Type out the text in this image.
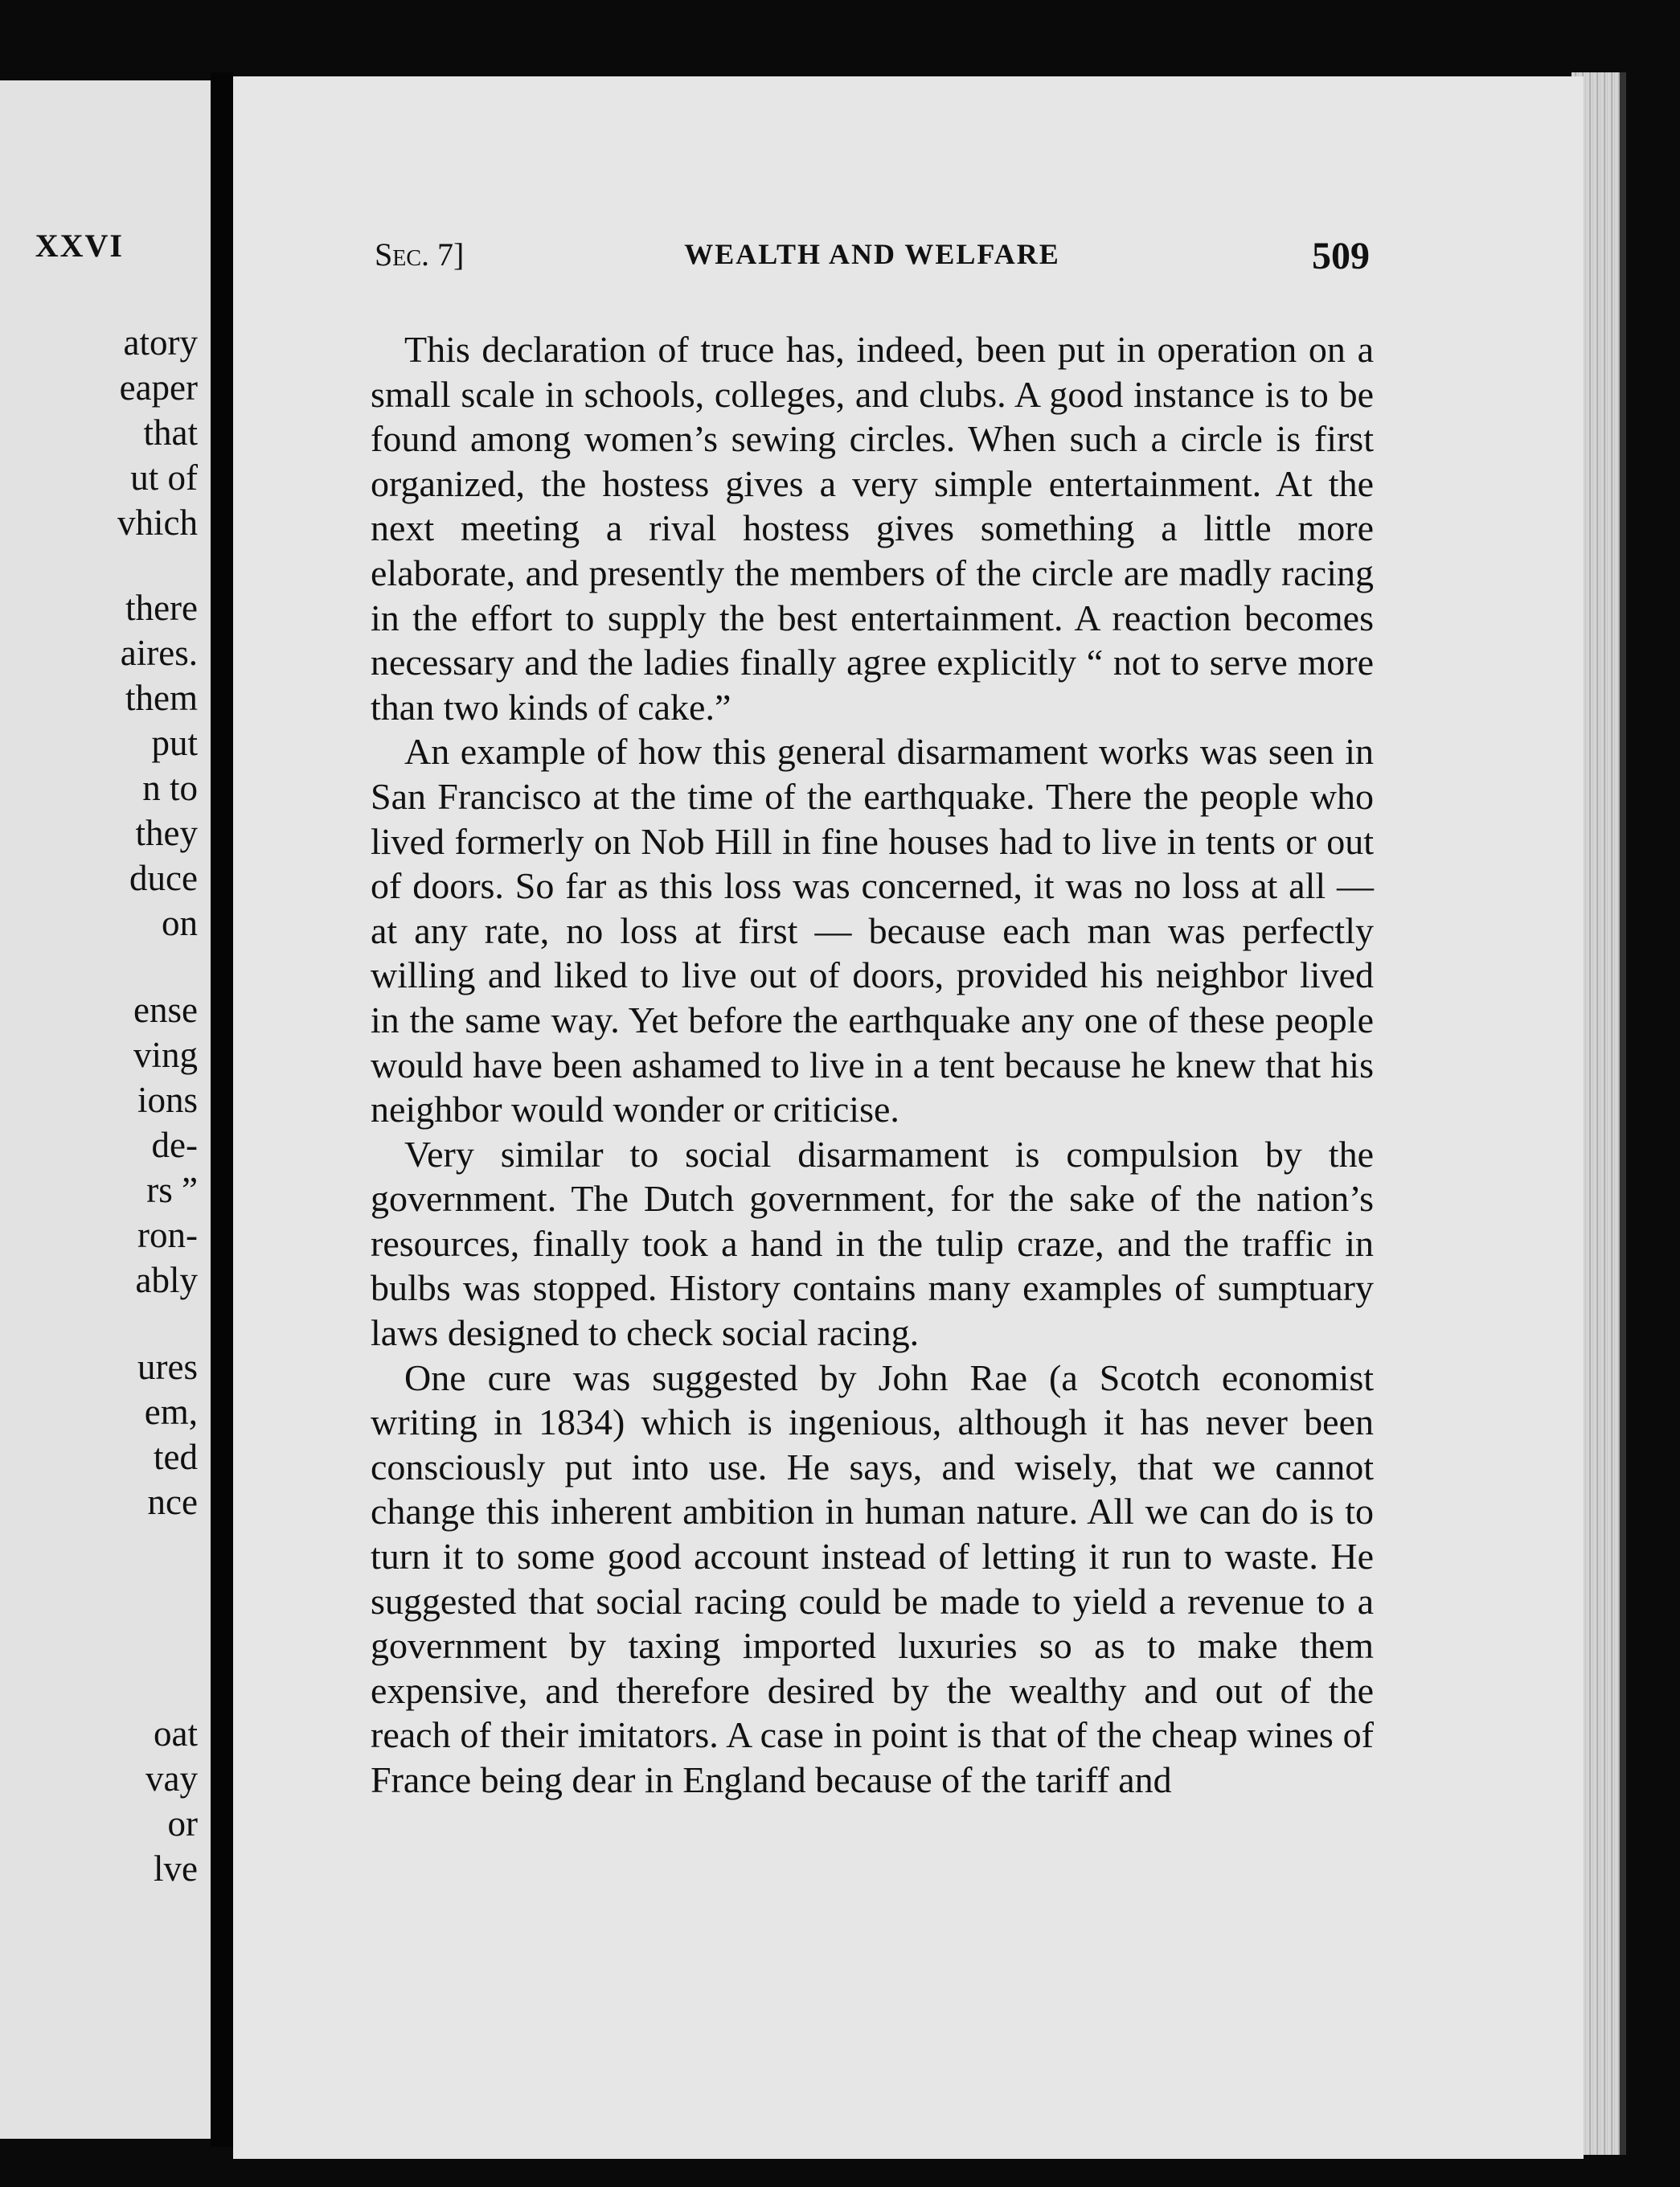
XXVI
atory
eaper
that
ut of
vhich
there
aires.
them
put
n to
they
duce
on
ense
ving
ions
de-
rs ”
ron-
ably
ures
em,
ted
nce
oat
vay
or
lve
Sec. 7]	WEALTH AND WELFARE	509

This declaration of truce has, indeed, been put in operation on a small scale in schools, colleges, and clubs. A good instance is to be found among women’s sewing circles. When such a circle is first organized, the hostess gives a very simple entertainment. At the next meeting a rival hostess gives something a little more elaborate, and presently the members of the circle are madly racing in the effort to supply the best entertainment. A reaction becomes necessary and the ladies finally agree explicitly “ not to serve more than two kinds of cake.”

An example of how this general disarmament works was seen in San Francisco at the time of the earthquake. There the people who lived formerly on Nob Hill in fine houses had to live in tents or out of doors. So far as this loss was concerned, it was no loss at all — at any rate, no loss at first — because each man was perfectly willing and liked to live out of doors, provided his neighbor lived in the same way. Yet before the earthquake any one of these people would have been ashamed to live in a tent because he knew that his neighbor would wonder or criticise.

Very similar to social disarmament is compulsion by the government. The Dutch government, for the sake of the nation’s resources, finally took a hand in the tulip craze, and the traffic in bulbs was stopped. History contains many examples of sumptuary laws designed to check social racing.

One cure was suggested by John Rae (a Scotch economist writing in 1834) which is ingenious, although it has never been consciously put into use. He says, and wisely, that we cannot change this inherent ambition in human nature. All we can do is to turn it to some good account instead of letting it run to waste. He suggested that social racing could be made to yield a revenue to a government by taxing imported luxuries so as to make them expensive, and therefore desired by the wealthy and out of the reach of their imitators. A case in point is that of the cheap wines of France being dear in England because of the tariff and
